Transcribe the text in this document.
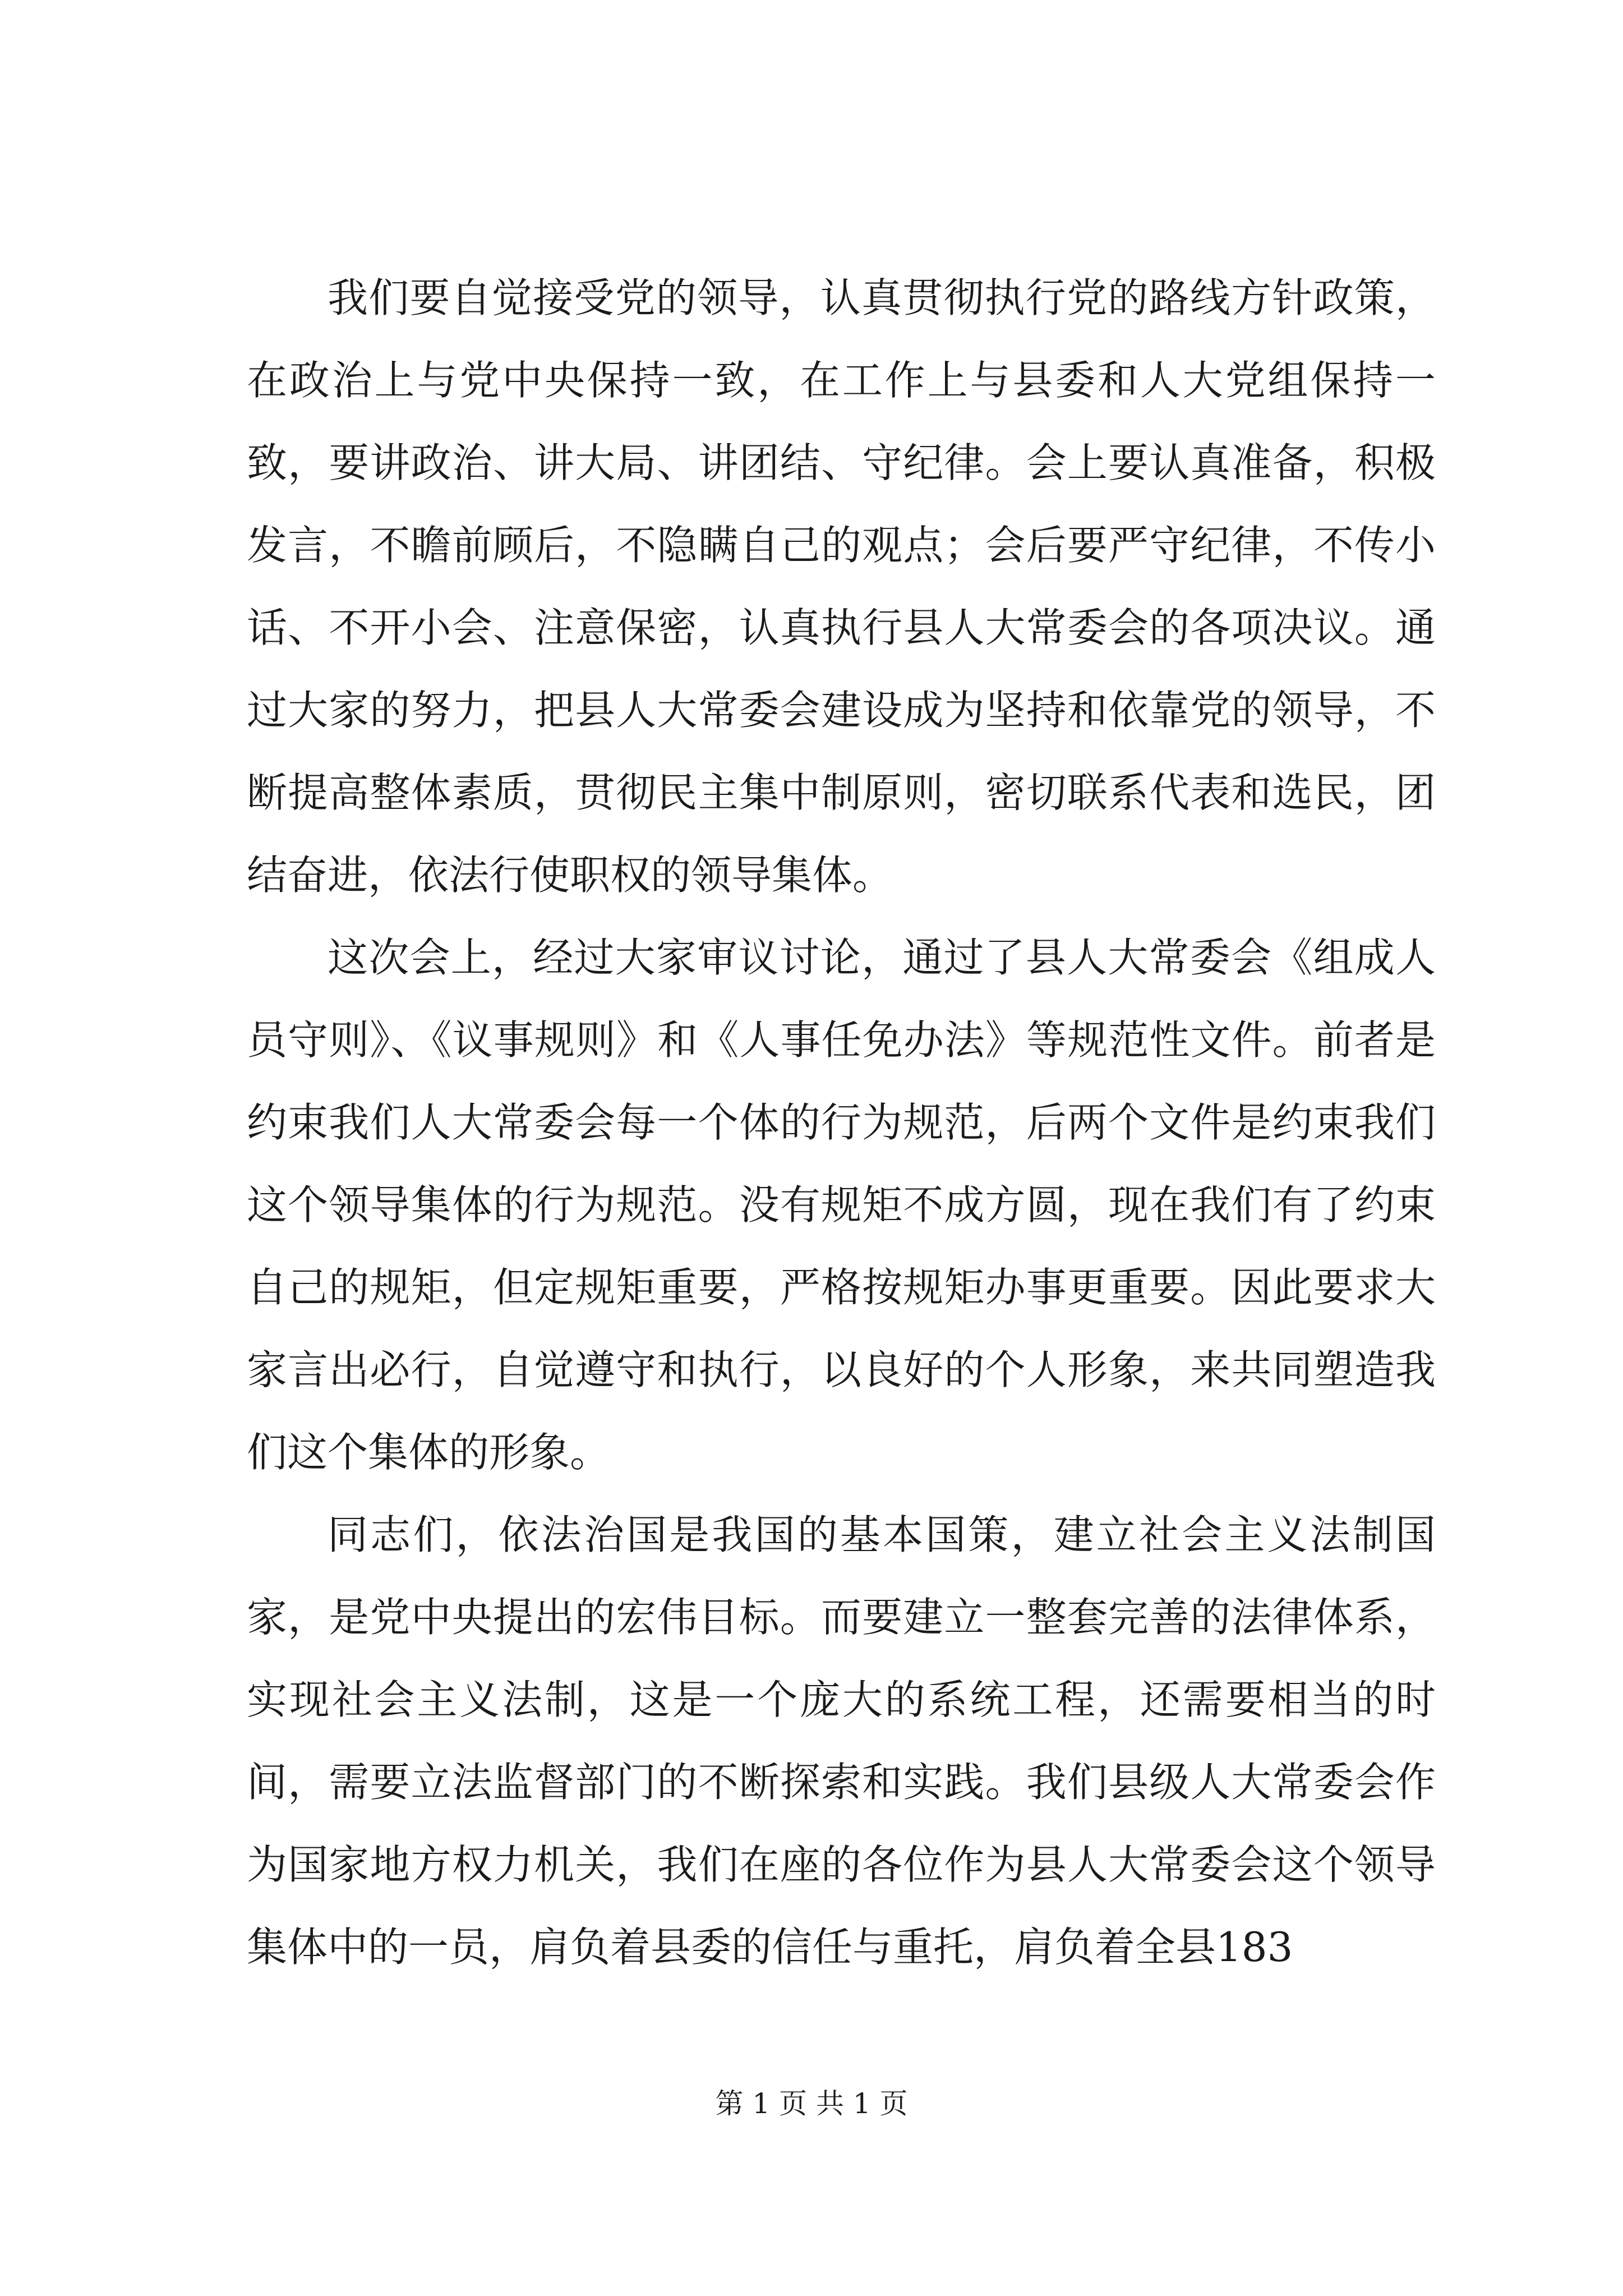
我们要自觉接受党的领导，认真贯彻执行党的路线方针政策，在政治上与党中央保持一致，在工作上与县委和人大党组保持一致，要讲政治、讲大局、讲团结、守纪律。会上要认真准备，积极发言，不瞻前顾后，不隐瞒自己的观点；会后要严守纪律，不传小话、不开小会、注意保密，认真执行县人大常委会的各项决议。通过大家的努力，把县人大常委会建设成为坚持和依靠党的领导，不断提高整体素质，贯彻民主集中制原则，密切联系代表和选民，团结奋进，依法行使职权的领导集体。

这次会上，经过大家审议讨论，通过了县人大常委会《组成人员守则》、《议事规则》和《人事任免办法》等规范性文件。前者是约束我们人大常委会每一个体的行为规范，后两个文件是约束我们这个领导集体的行为规范。没有规矩不成方圆，现在我们有了约束自己的规矩，但定规矩重要，严格按规矩办事更重要。因此要求大家言出必行，自觉遵守和执行，以良好的个人形象，来共同塑造我们这个集体的形象。

同志们，依法治国是我国的基本国策，建立社会主义法制国家，是党中央提出的宏伟目标。而要建立一整套完善的法律体系，实现社会主义法制，这是一个庞大的系统工程，还需要相当的时间，需要立法监督部门的不断探索和实践。我们县级人大常委会作为国家地方权力机关，我们在座的各位作为县人大常委会这个领导集体中的一员，肩负着县委的信任与重托，肩负着全县183

第 1 页 共 1 页
